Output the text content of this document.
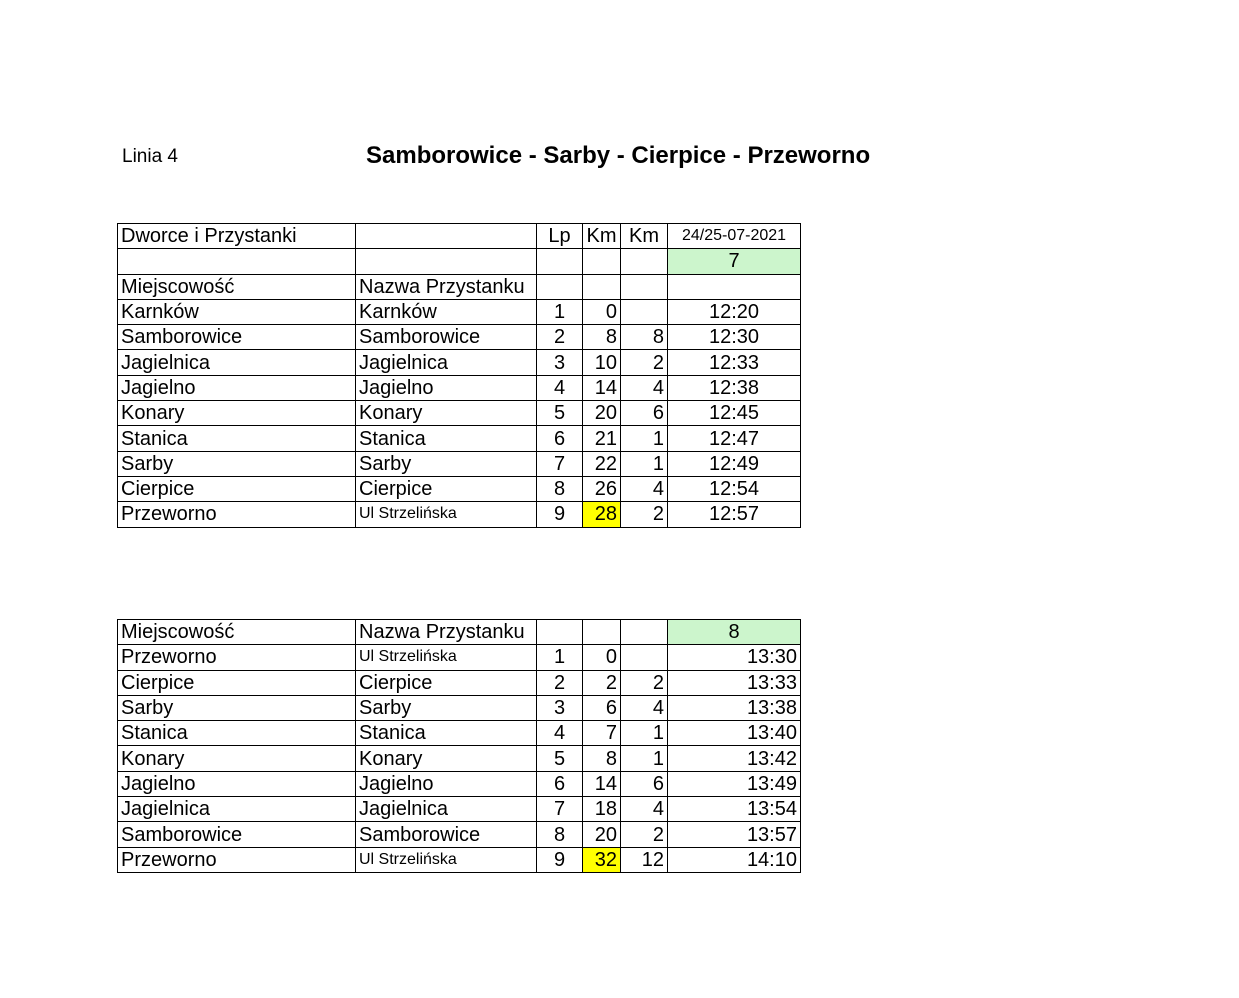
Linia 4	Samborowice - Sarby - Cierpice - Przeworno
Dworce i Przystanki		Lp	Km	Km	24/25-07-2021
					7
Miejscowość	Nazwa Przystanku				
Karnków	Karnków	1	0		12:20
Samborowice	Samborowice	2	8	8	12:30
Jagielnica	Jagielnica	3	10	2	12:33
Jagielno	Jagielno	4	14	4	12:38
Konary	Konary	5	20	6	12:45
Stanica	Stanica	6	21	1	12:47
Sarby	Sarby	7	22	1	12:49
Cierpice	Cierpice	8	26	4	12:54
Przeworno	Ul Strzelińska	9	28	2	12:57
Miejscowość	Nazwa Przystanku				8
Przeworno	Ul Strzelińska	1	0		13:30
Cierpice	Cierpice	2	2	2	13:33
Sarby	Sarby	3	6	4	13:38
Stanica	Stanica	4	7	1	13:40
Konary	Konary	5	8	1	13:42
Jagielno	Jagielno	6	14	6	13:49
Jagielnica	Jagielnica	7	18	4	13:54
Samborowice	Samborowice	8	20	2	13:57
Przeworno	Ul Strzelińska	9	32	12	14:10
